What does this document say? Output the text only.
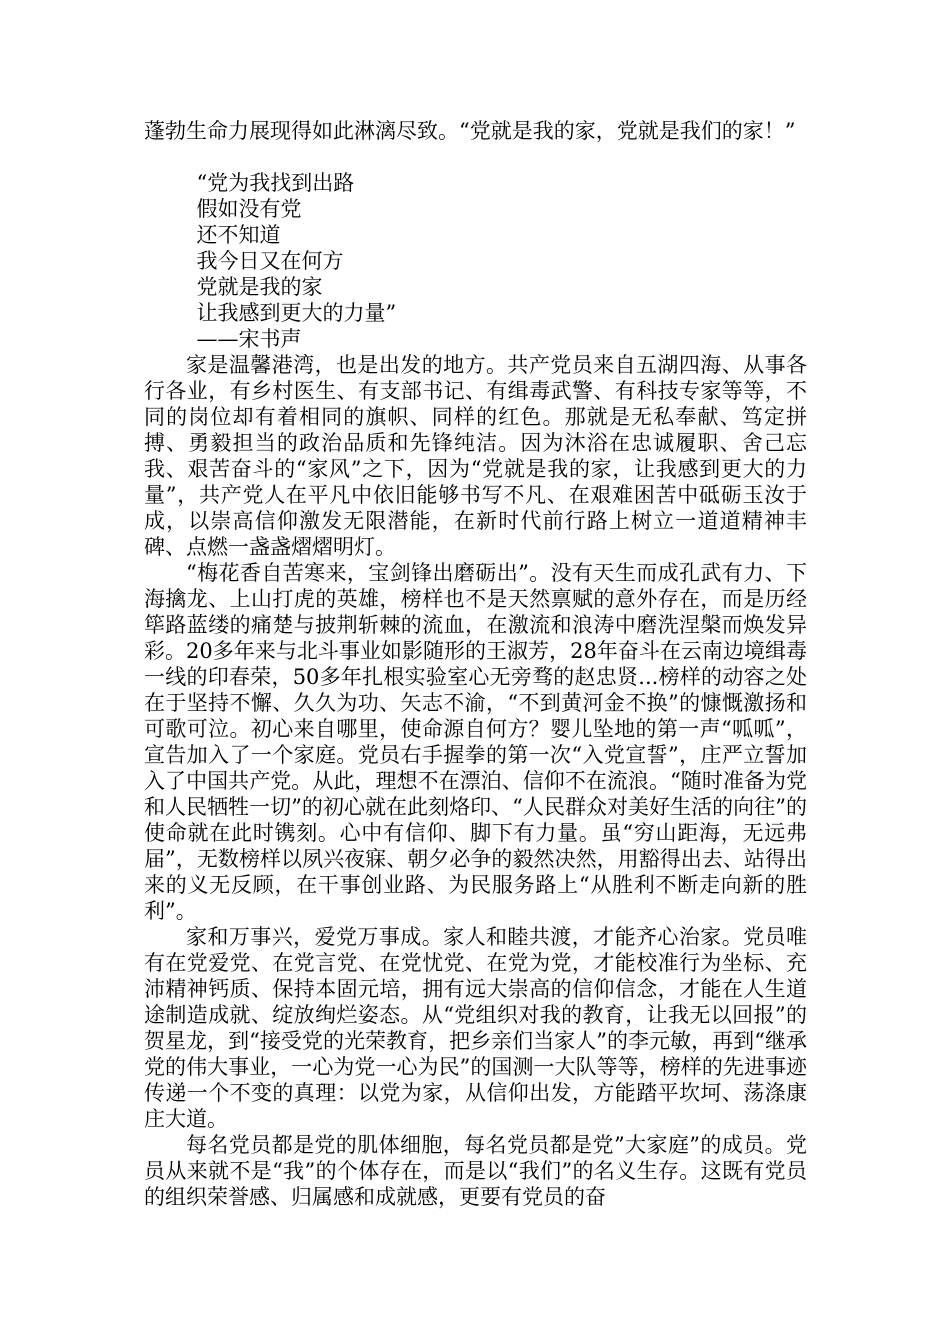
蓬勃生命力展现得如此淋漓尽致。“党就是我的家，党就是我们的家！”

“党为我找到出路
假如没有党
还不知道
我今日又在何方
党就是我的家
让我感到更大的力量”
——宋书声

家是温馨港湾，也是出发的地方。共产党员来自五湖四海、从事各行各业，有乡村医生、有支部书记、有缉毒武警、有科技专家等等，不同的岗位却有着相同的旗帜、同样的红色。那就是无私奉献、笃定拼搏、勇毅担当的政治品质和先锋纯洁。因为沐浴在忠诚履职、舍己忘我、艰苦奋斗的“家风”之下，因为“党就是我的家，让我感到更大的力量”，共产党人在平凡中依旧能够书写不凡、在艰难困苦中砥砺玉汝于成，以崇高信仰激发无限潜能，在新时代前行路上树立一道道精神丰碑、点燃一盏盏熠熠明灯。

“梅花香自苦寒来，宝剑锋出磨砺出”。没有天生而成孔武有力、下海擒龙、上山打虎的英雄，榜样也不是天然禀赋的意外存在，而是历经筚路蓝缕的痛楚与披荆斩棘的流血，在激流和浪涛中磨洗涅槃而焕发异彩。20多年来与北斗事业如影随形的王淑芳，28年奋斗在云南边境缉毒一线的印春荣，50多年扎根实验室心无旁骛的赵忠贤...榜样的动容之处在于坚持不懈、久久为功、矢志不渝，“不到黄河金不换”的慷慨激扬和可歌可泣。初心来自哪里，使命源自何方？婴儿坠地的第一声“呱呱”，宣告加入了一个家庭。党员右手握拳的第一次“入党宣誓”，庄严立誓加入了中国共产党。从此，理想不在漂泊、信仰不在流浪。“随时准备为党和人民牺牲一切”的初心就在此刻烙印、“人民群众对美好生活的向往”的使命就在此时镌刻。心中有信仰、脚下有力量。虽“穷山距海，无远弗届”，无数榜样以夙兴夜寐、朝夕必争的毅然决然，用豁得出去、站得出来的义无反顾，在干事创业路、为民服务路上“从胜利不断走向新的胜利”。

家和万事兴，爱党万事成。家人和睦共渡，才能齐心治家。党员唯有在党爱党、在党言党、在党忧党、在党为党，才能校准行为坐标、充沛精神钙质、保持本固元培，拥有远大崇高的信仰信念，才能在人生道途制造成就、绽放绚烂姿态。从“党组织对我的教育，让我无以回报”的贺星龙，到“接受党的光荣教育，把乡亲们当家人”的李元敏，再到“继承党的伟大事业，一心为党一心为民”的国测一大队等等，榜样的先进事迹传递一个不变的真理：以党为家，从信仰出发，方能踏平坎坷、荡涤康庄大道。

每名党员都是党的肌体细胞，每名党员都是党”大家庭”的成员。党员从来就不是“我”的个体存在，而是以“我们”的名义生存。这既有党员的组织荣誉感、归属感和成就感，更要有党员的奋
